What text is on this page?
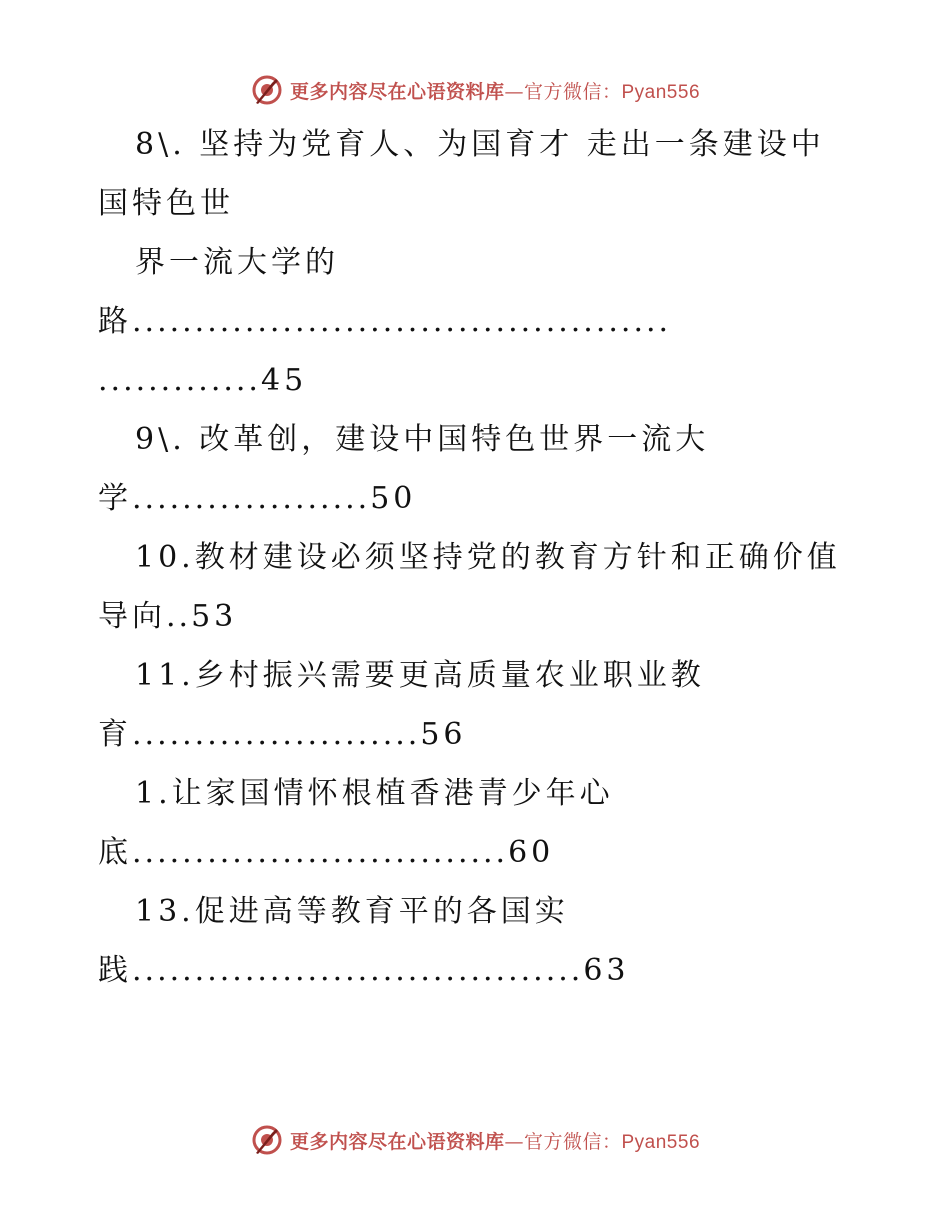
更多内容尽在心语资料库—官方微信：Pyan556
8\. 坚持为党育人、为国育才 走出一条建设中
国特色世
界一流大学的
路...........................................
.............45
9\. 改革创，建设中国特色世界一流大
学...................50
10.教材建设必须坚持党的教育方针和正确价值
导向..53
11.乡村振兴需要更高质量农业职业教
育.......................56
1.让家国情怀根植香港青少年心
底..............................60
13.促进高等教育平的各国实
践....................................63
更多内容尽在心语资料库—官方微信：Pyan556
